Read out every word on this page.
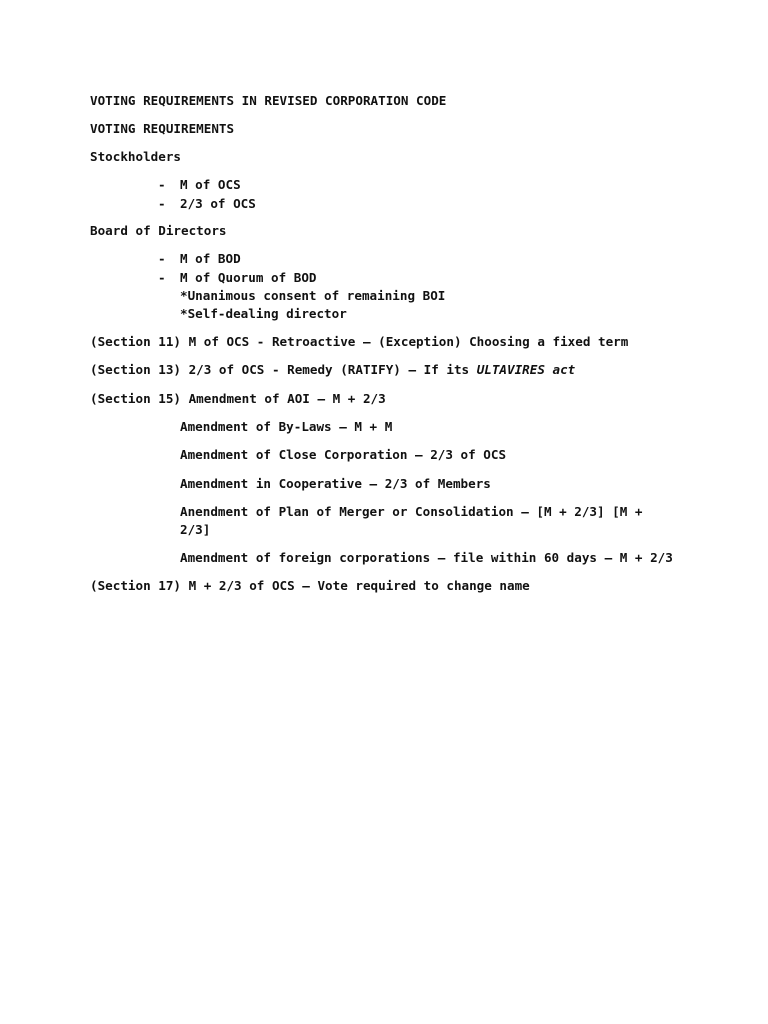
VOTING REQUIREMENTS IN REVISED CORPORATION CODE
VOTING REQUIREMENTS
Stockholders
- M of OCS
- 2/3 of OCS
Board of Directors
- M of BOD
- M of Quorum of BOD
*Unanimous consent of remaining BOI
*Self-dealing director
(Section 11) M of OCS - Retroactive – (Exception) Choosing a fixed term
(Section 13) 2/3 of OCS - Remedy (RATIFY) – If its ULTAVIRES act
(Section 15) Amendment of AOI – M + 2/3
Amendment of By-Laws – M + M
Amendment of Close Corporation – 2/3 of OCS
Amendment in Cooperative – 2/3 of Members
Anendment of Plan of Merger or Consolidation – [M + 2/3] [M +
2/3]
Amendment of foreign corporations – file within 60 days – M + 2/3
(Section 17) M + 2/3 of OCS – Vote required to change name
